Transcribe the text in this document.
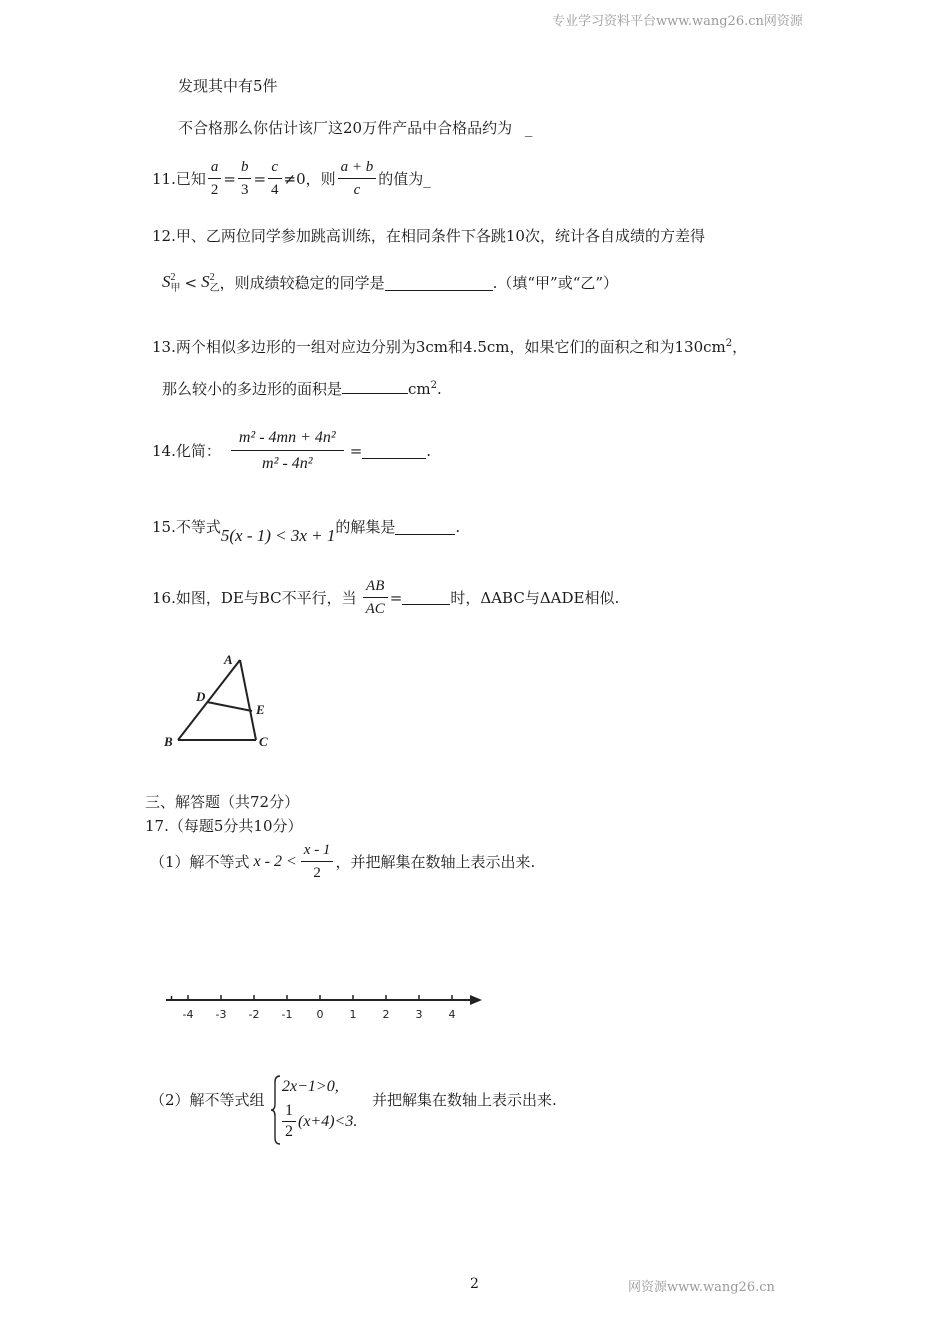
专业学习资料平台www.wang26.cn网资源
发现其中有5件
不合格那么你估计该厂这20万件产品中合格品约为 _
11.已知 $\frac{a}{2} = \frac{b}{3} = \frac{c}{4} \ne 0$ ，则 $\frac{a + b}{c}$ 的值为 _
12.甲、乙两位同学参加跳高训练，在相同条件下各跳10次，统计各自成绩的方差得
S 2
甲 < S 2
乙 ，则成绩较稳定的同学是	.（填“甲”或“乙”）
13.两个相似多边形的一组对应边分别为3cm和4.5cm，如果它们的面积之和为$130cm^2$，
那么较小的多边形的面积是	$cm^2$.
14.化简： $\frac{\text{m² - 4mn + 4n²}}{\text{m² - 4n²}}$ =	.
15.不等式 5(x - 1) < 3x + 1 的解集是	.
16.如图，DE与BC不平行，当 $\frac{AB}{AC}$ =	时，ΔABC与ΔADE相似.
A
D
E
B	C
三、解答题（共72分）
17.（每题5分共10分）
（1）解不等式 $x - 2 < \frac{x - 1}{2}$ ，并把解集在数轴上表示出来.
-4 -3 -2 -1 0 1 2 3 4
（2）解不等式组
2x−1>0,
$\frac{1}{2} (x+4)<3$.
并把解集在数轴上表示出来.
2	网资源www.wang26.cn
